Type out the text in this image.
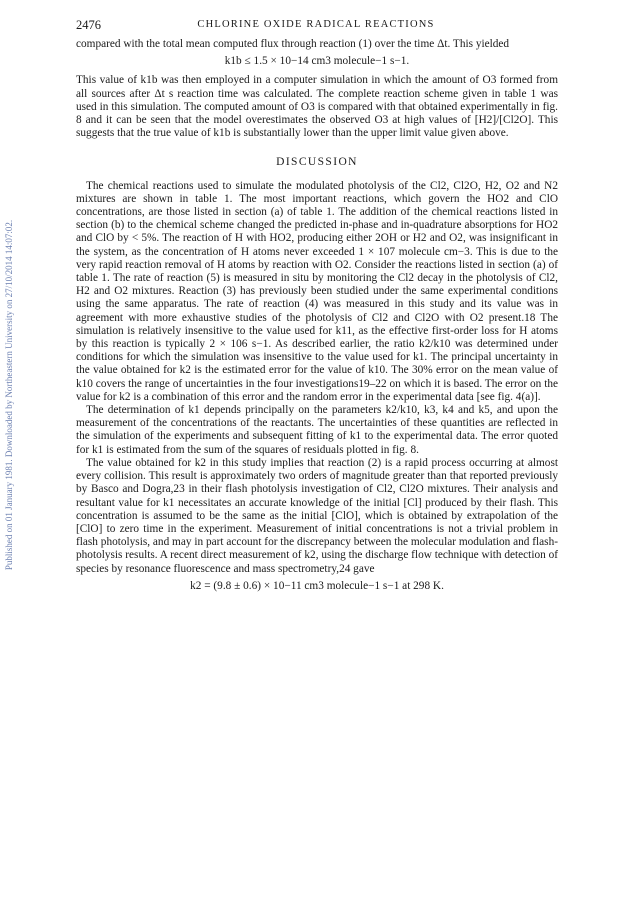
2476	CHLORINE OXIDE RADICAL REACTIONS
Published on 01 January 1981. Downloaded by Northeastern University on 27/10/2014 14:07:02.

compared with the total mean computed flux through reaction (1) over the time Δt. This yielded

k1b ≤ 1.5 × 10−14 cm3 molecule−1 s−1.

This value of k1b was then employed in a computer simulation in which the amount of O3 formed from all sources after Δt s reaction time was calculated. The complete reaction scheme given in table 1 was used in this simulation. The computed amount of O3 is compared with that obtained experimentally in fig. 8 and it can be seen that the model overestimates the observed O3 at high values of [H2]/[Cl2O]. This suggests that the true value of k1b is substantially lower than the upper limit value given above.

DISCUSSION

The chemical reactions used to simulate the modulated photolysis of the Cl2, Cl2O, H2, O2 and N2 mixtures are shown in table 1. The most important reactions, which govern the HO2 and ClO concentrations, are those listed in section (a) of table 1. The addition of the chemical reactions listed in section (b) to the chemical scheme changed the predicted in-phase and in-quadrature absorptions for HO2 and ClO by < 5%. The reaction of H with HO2, producing either 2OH or H2 and O2, was insignificant in the system, as the concentration of H atoms never exceeded 1 × 107 molecule cm−3. This is due to the very rapid reaction removal of H atoms by reaction with O2. Consider the reactions listed in section (a) of table 1. The rate of reaction (5) is measured in situ by monitoring the Cl2 decay in the photolysis of Cl2, H2 and O2 mixtures. Reaction (3) has previously been studied under the same experimental conditions using the same apparatus. The rate of reaction (4) was measured in this study and its value was in agreement with more exhaustive studies of the photolysis of Cl2 and Cl2O with O2 present.18 The simulation is relatively insensitive to the value used for k11, as the effective first-order loss for H atoms by this reaction is typically 2 × 106 s−1. As described earlier, the ratio k2/k10 was determined under conditions for which the simulation was insensitive to the value used for k1. The principal uncertainty in the value obtained for k2 is the estimated error for the value of k10. The 30% error on the mean value of k10 covers the range of uncertainties in the four investigations19–22 on which it is based. The error on the value for k2 is a combination of this error and the random error in the experimental data [see fig. 4(a)].

The determination of k1 depends principally on the parameters k2/k10, k3, k4 and k5, and upon the measurement of the concentrations of the reactants. The uncertainties of these quantities are reflected in the simulation of the experiments and subsequent fitting of k1 to the experimental data. The error quoted for k1 is estimated from the sum of the squares of residuals plotted in fig. 8.

The value obtained for k2 in this study implies that reaction (2) is a rapid process occurring at almost every collision. This result is approximately two orders of magnitude greater than that reported previously by Basco and Dogra,23 in their flash photolysis investigation of Cl2, Cl2O mixtures. Their analysis and resultant value for k1 necessitates an accurate knowledge of the initial [Cl] produced by their flash. This concentration is assumed to be the same as the initial [ClO], which is obtained by extrapolation of the [ClO] to zero time in the experiment. Measurement of initial concentrations is not a trivial problem in flash photolysis, and may in part account for the discrepancy between the molecular modulation and flash-photolysis results. A recent direct measurement of k2, using the discharge flow technique with detection of species by resonance fluorescence and mass spectrometry,24 gave

k2 = (9.8 ± 0.6) × 10−11 cm3 molecule−1 s−1 at 298 K.
